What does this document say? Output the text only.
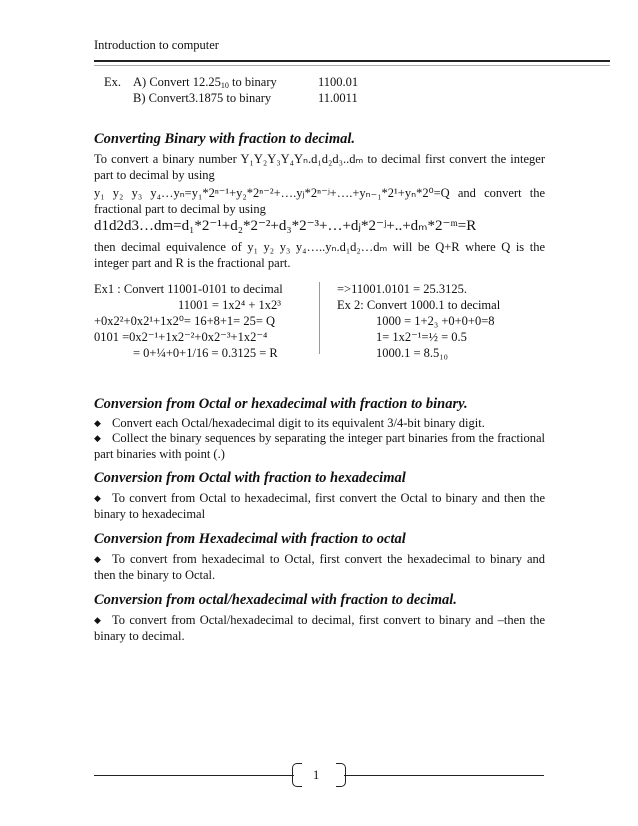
Introduction to computer
Ex. A) Convert $12.25_{10}$ to binary	1100.01
B) Convert3.1875 to binary	11.0011
Converting Binary with fraction to decimal.
To convert a binary number Y₁Y₂Y₃Y₄Yₙ.d₁d₂d₃..dₘ to decimal first convert the integer part to decimal by using
y₁ y₂ y₃ y₄…yₙ=y₁*2ⁿ⁻¹+y₂*2ⁿ⁻²+….yⱼ*2ⁿ⁻ʲ+….+yₙ₋₁*2¹+yₙ*2⁰=Q and convert the fractional part to decimal by using
d1d2d3…dm=d₁*2⁻¹+d₂*2⁻²+d₃*2⁻³+…+dⱼ*2⁻ʲ+..+dₘ*2⁻ᵐ=R
then decimal equivalence of y₁ y₂ y₃ y₄…..yₙ.d₁d₂…dₘ will be Q+R where Q is the integer part and R is the fractional part.
Ex1 : Convert 11001-0101 to decimal
11001 = 1x2⁴ + 1x2³
+0x2²+0x2¹+1x2⁰= 16+8+1= 25= Q
0101 =0x2⁻¹+1x2⁻²+0x2⁻³+1x2⁻⁴
= 0+¼+0+1/16 = 0.3125 = R
=>11001.0101 = 25.3125.
Ex 2: Convert 1000.1 to decimal
1000 = 1+2₃ +0+0+0=8
1= 1x2⁻¹=½ = 0.5
1000.1 = 8.5₁₀
Conversion from Octal or hexadecimal with fraction to binary.
◆ Convert each Octal/hexadecimal digit to its equivalent 3/4-bit binary digit.
◆ Collect the binary sequences by separating the integer part binaries from the fractional part binaries with point (.)
Conversion from Octal with fraction to hexadecimal
◆ To convert from Octal to hexadecimal, first convert the Octal to binary and then the binary to hexadecimal
Conversion from Hexadecimal with fraction to octal
◆ To convert from hexadecimal to Octal, first convert the hexadecimal to binary and then the binary to Octal.
Conversion from octal/hexadecimal with fraction to decimal.
◆ To convert from Octal/hexadecimal to decimal, first convert to binary and –then the binary to decimal.
1
